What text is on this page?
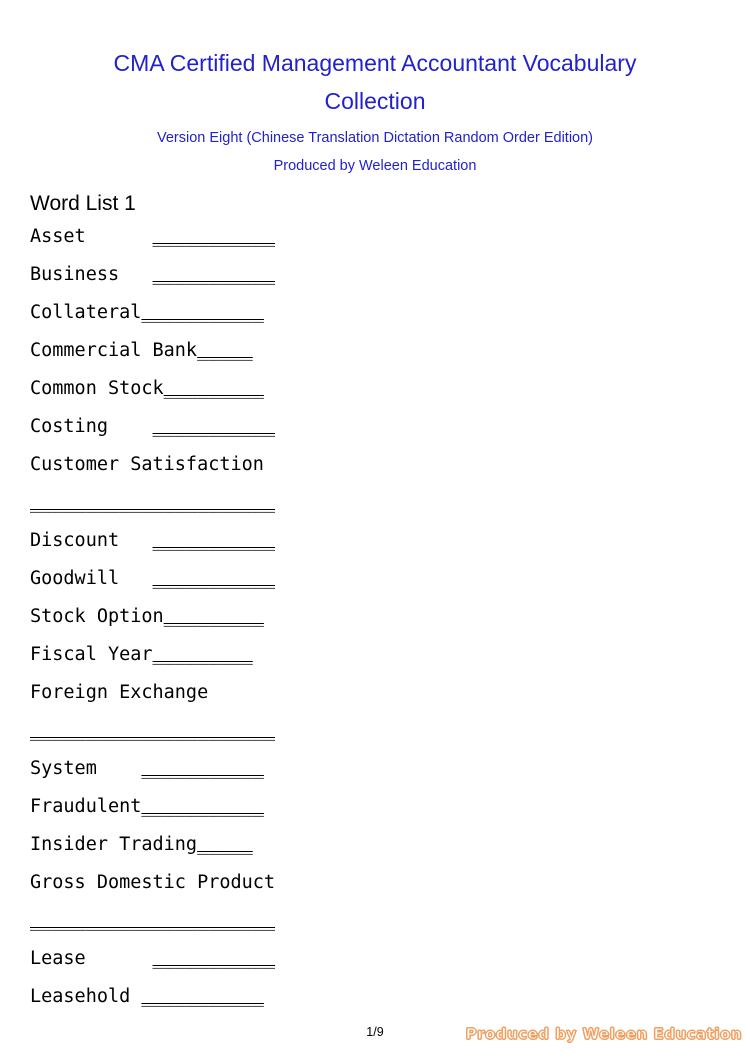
CMA Certified Management Accountant Vocabulary Collection

Version Eight (Chinese Translation Dictation Random Order Edition)

Produced by Weleen Education

Word List 1
Asset	___________
Business ___________
Collateral___________
Commercial Bank_____
Common Stock_________
Costing ___________
Customer Satisfaction
______________________
Discount ___________
Goodwill ___________
Stock Option_________
Fiscal Year_________
Foreign Exchange
______________________
System ___________
Fraudulent___________
Insider Trading_____
Gross Domestic Product
______________________
Lease	___________
Leasehold ___________
1/9	Produced by Weleen Education
